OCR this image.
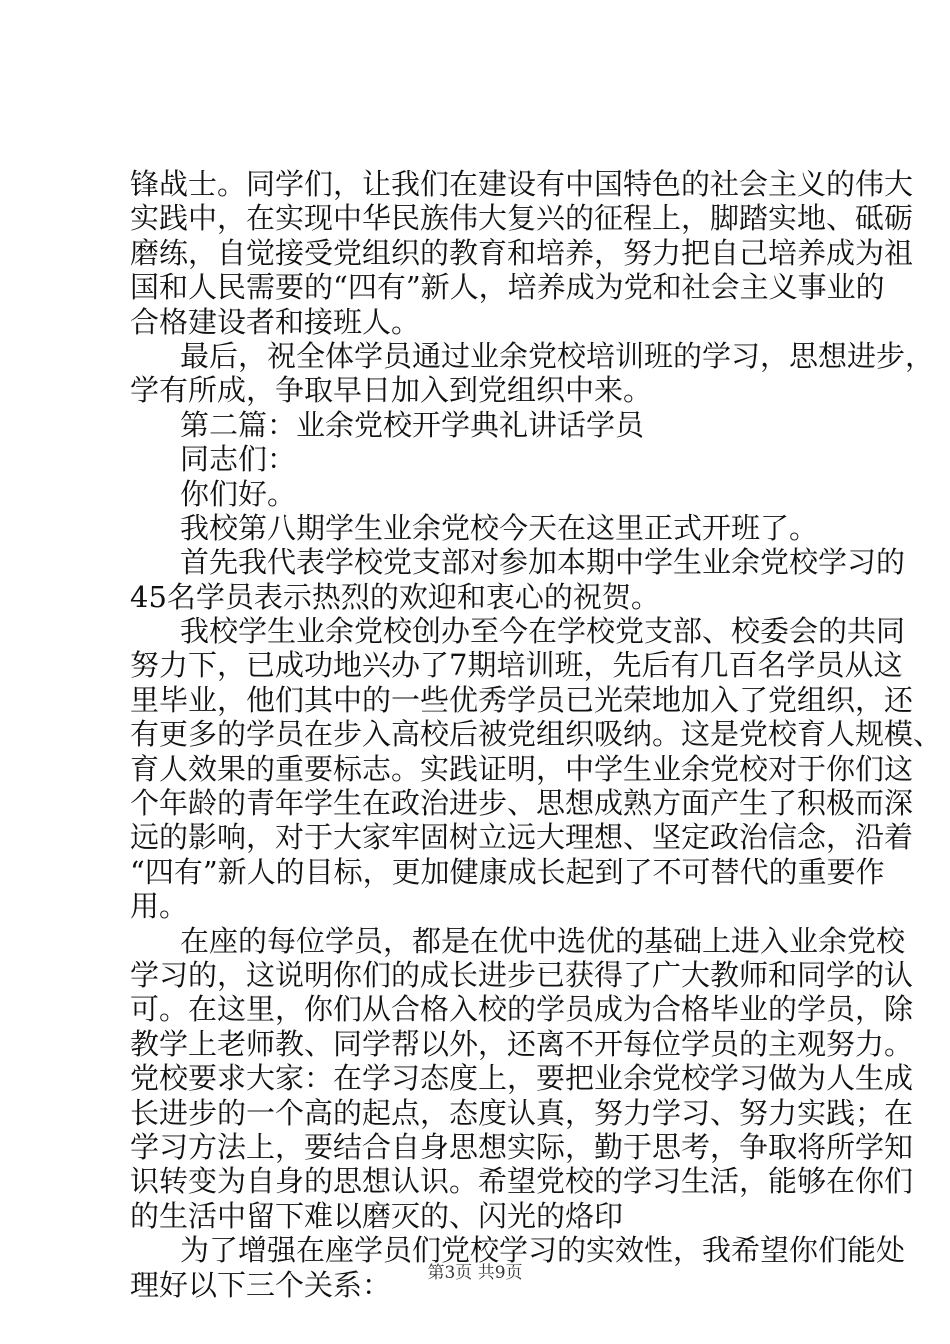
锋战士。同学们，让我们在建设有中国特色的社会主义的伟大
实践中，在实现中华民族伟大复兴的征程上，脚踏实地、砥砺
磨练，自觉接受党组织的教育和培养，努力把自己培养成为祖
国和人民需要的“四有”新人，培养成为党和社会主义事业的
合格建设者和接班人。
最后，祝全体学员通过业余党校培训班的学习，思想进步，
学有所成，争取早日加入到党组织中来。
第二篇：业余党校开学典礼讲话学员
同志们：
你们好。
我校第八期学生业余党校今天在这里正式开班了。
首先我代表学校党支部对参加本期中学生业余党校学习的
45名学员表示热烈的欢迎和衷心的祝贺。
我校学生业余党校创办至今在学校党支部、校委会的共同
努力下，已成功地兴办了7期培训班，先后有几百名学员从这
里毕业，他们其中的一些优秀学员已光荣地加入了党组织，还
有更多的学员在步入高校后被党组织吸纳。这是党校育人规模、
育人效果的重要标志。实践证明，中学生业余党校对于你们这
个年龄的青年学生在政治进步、思想成熟方面产生了积极而深
远的影响，对于大家牢固树立远大理想、坚定政治信念，沿着
“四有”新人的目标，更加健康成长起到了不可替代的重要作
用。
在座的每位学员，都是在优中选优的基础上进入业余党校
学习的，这说明你们的成长进步已获得了广大教师和同学的认
可。在这里，你们从合格入校的学员成为合格毕业的学员，除
教学上老师教、同学帮以外，还离不开每位学员的主观努力。
党校要求大家：在学习态度上，要把业余党校学习做为人生成
长进步的一个高的起点，态度认真，努力学习、努力实践；在
学习方法上，要结合自身思想实际，勤于思考，争取将所学知
识转变为自身的思想认识。希望党校的学习生活，能够在你们
的生活中留下难以磨灭的、闪光的烙印
为了增强在座学员们党校学习的实效性，我希望你们能处
理好以下三个关系：	第3页 共9页
